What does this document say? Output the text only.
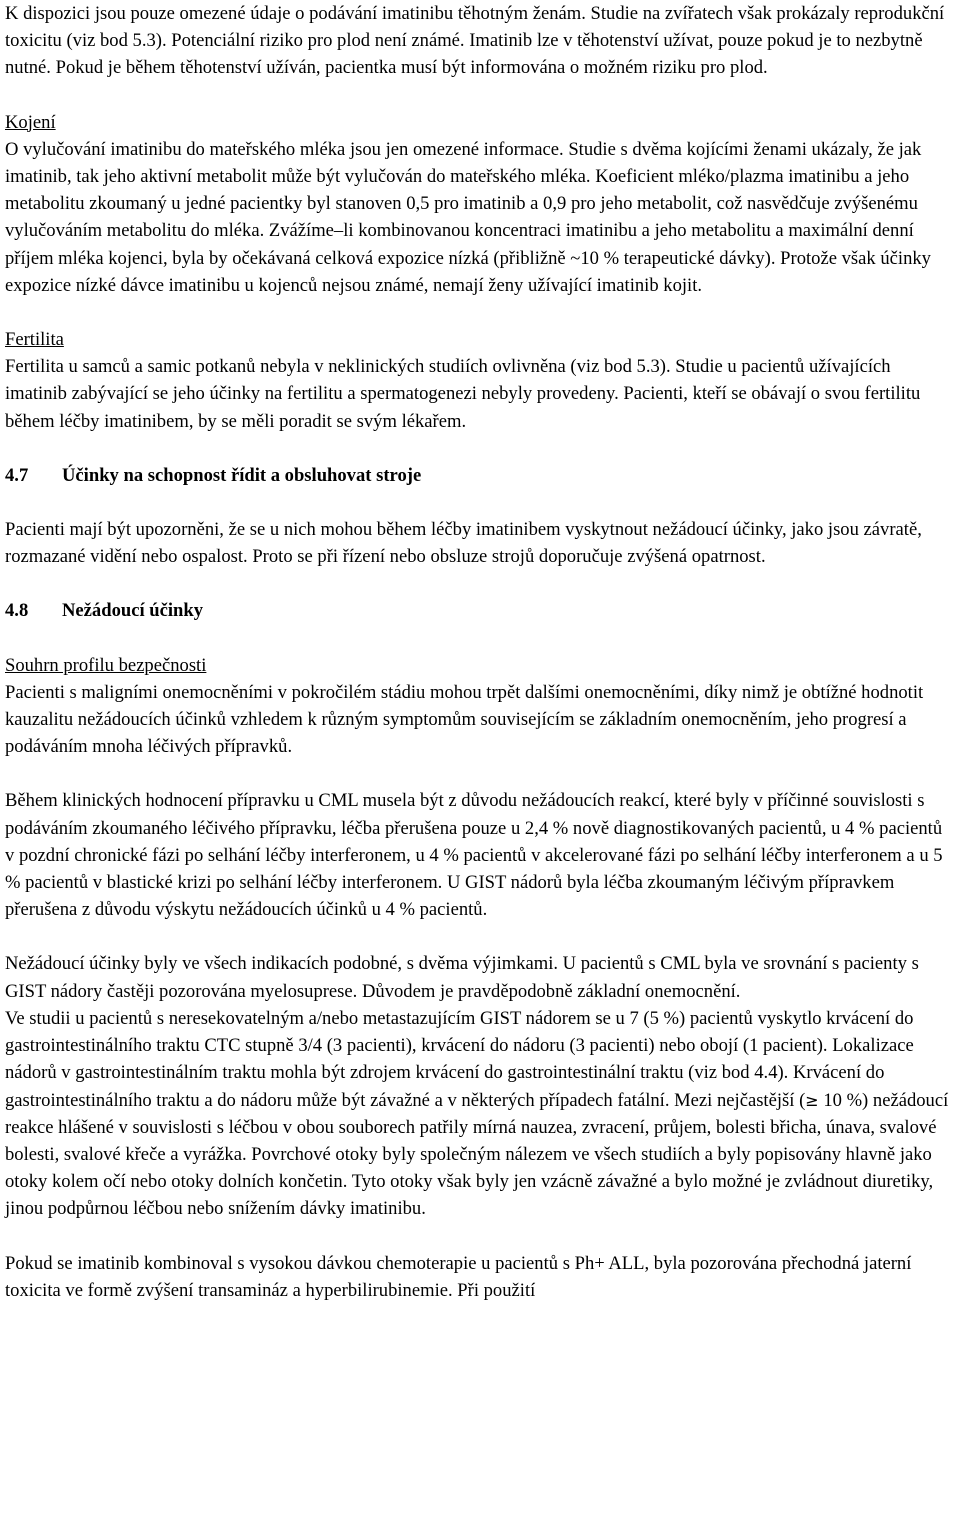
K dispozici jsou pouze omezené údaje o podávání imatinibu těhotným ženám. Studie na zvířatech však prokázaly reprodukční toxicitu (viz bod 5.3). Potenciální riziko pro plod není známé. Imatinib lze v těhotenství užívat, pouze pokud je to nezbytně nutné. Pokud je během těhotenství užíván, pacientka musí být informována o možném riziku pro plod.

Kojení

O vylučování imatinibu do mateřského mléka jsou jen omezené informace. Studie s dvěma kojícími ženami ukázaly, že jak imatinib, tak jeho aktivní metabolit může být vylučován do mateřského mléka. Koeficient mléko/plazma imatinibu a jeho metabolitu zkoumaný u jedné pacientky byl stanoven 0,5 pro imatinib a 0,9 pro jeho metabolit, což nasvědčuje zvýšenému vylučováním metabolitu do mléka. Zvážíme–li kombinovanou koncentraci imatinibu a jeho metabolitu a maximální denní příjem mléka kojenci, byla by očekávaná celková expozice nízká (přibližně ~10 % terapeutické dávky). Protože však účinky expozice nízké dávce imatinibu u kojenců nejsou známé, nemají ženy užívající imatinib kojit.

Fertilita

Fertilita u samců a samic potkanů nebyla v neklinických studiích ovlivněna (viz bod 5.3). Studie u pacientů užívajících imatinib zabývající se jeho účinky na fertilitu a spermatogenezi nebyly provedeny. Pacienti, kteří se obávají o svou fertilitu během léčby imatinibem, by se měli poradit se svým lékařem.

4.7	Účinky na schopnost řídit a obsluhovat stroje

Pacienti mají být upozorněni, že se u nich mohou během léčby imatinibem vyskytnout nežádoucí účinky, jako jsou závratě, rozmazané vidění nebo ospalost. Proto se při řízení nebo obsluze strojů doporučuje zvýšená opatrnost.

4.8	Nežádoucí účinky

Souhrn profilu bezpečnosti

Pacienti s maligními onemocněními v pokročilém stádiu mohou trpět dalšími onemocněními, díky nimž je obtížné hodnotit kauzalitu nežádoucích účinků vzhledem k různým symptomům souvisejícím se základním onemocněním, jeho progresí a podáváním mnoha léčivých přípravků.

Během klinických hodnocení přípravku u CML musela být z důvodu nežádoucích reakcí, které byly v příčinné souvislosti s podáváním zkoumaného léčivého přípravku, léčba přerušena pouze u 2,4 % nově diagnostikovaných pacientů, u 4 % pacientů v pozdní chronické fázi po selhání léčby interferonem, u 4 % pacientů v akcelerované fázi po selhání léčby interferonem a u 5 % pacientů v blastické krizi po selhání léčby interferonem. U GIST nádorů byla léčba zkoumaným léčivým přípravkem přerušena z důvodu výskytu nežádoucích účinků u 4 % pacientů.

Nežádoucí účinky byly ve všech indikacích podobné, s dvěma výjimkami. U pacientů s CML byla ve srovnání s pacienty s GIST nádory častěji pozorována myelosuprese. Důvodem je pravděpodobně základní onemocnění.

Ve studii u pacientů s neresekovatelným a/nebo metastazujícím GIST nádorem se u 7 (5 %) pacientů vyskytlo krvácení do gastrointestinálního traktu CTC stupně 3/4 (3 pacienti), krvácení do nádoru (3 pacienti) nebo obojí (1 pacient). Lokalizace nádorů v gastrointestinálním traktu mohla být zdrojem krvácení do gastrointestinální traktu (viz bod 4.4). Krvácení do gastrointestinálního traktu a do nádoru může být závažné a v některých případech fatální. Mezi nejčastější (≥ 10 %) nežádoucí reakce hlášené v souvislosti s léčbou v obou souborech patřily mírná nauzea, zvracení, průjem, bolesti břicha, únava, svalové bolesti, svalové křeče a vyrážka. Povrchové otoky byly společným nálezem ve všech studiích a byly popisovány hlavně jako otoky kolem očí nebo otoky dolních končetin. Tyto otoky však byly jen vzácně závažné a bylo možné je zvládnout diuretiky, jinou podpůrnou léčbou nebo snížením dávky imatinibu.

Pokud se imatinib kombinoval s vysokou dávkou chemoterapie u pacientů s Ph+ ALL, byla pozorována přechodná jaterní toxicita ve formě zvýšení transamináz a hyperbilirubinemie. Při použití
